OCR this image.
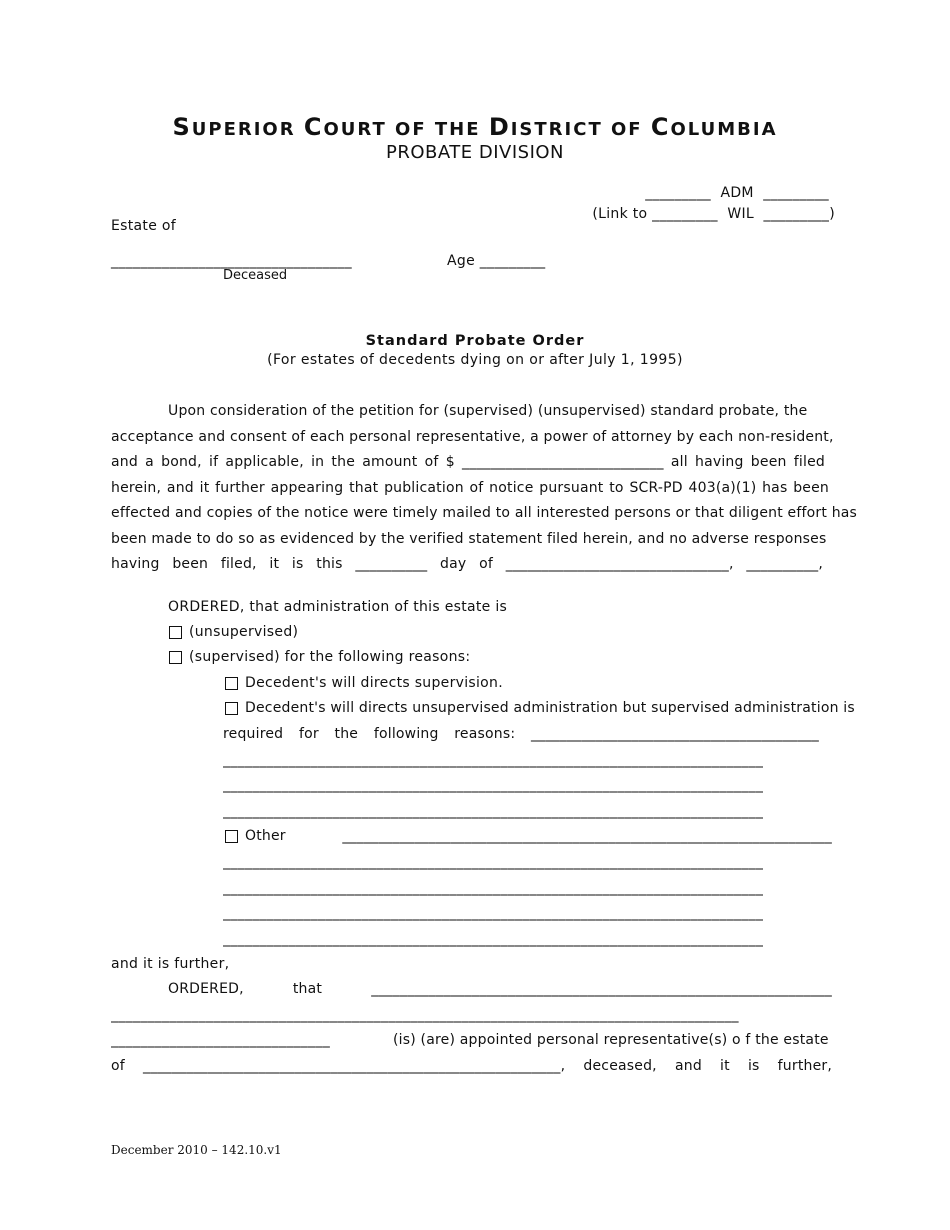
SUPERIOR COURT OF THE DISTRICT OF COLUMBIA
PROBATE DIVISION
_________  ADM  _________
(Link to _________  WIL  _________)
Estate of
_________________________________
Deceased
Age _________
Standard Probate Order
(For estates of decedents dying on or after July 1, 1995)
Upon consideration of the petition for (supervised) (unsupervised) standard probate, the
acceptance and consent of each personal representative, a power of attorney by each non-resident,
and a bond, if applicable, in the amount of $ ____________________________ all having been filed
herein, and it further appearing that publication of notice pursuant to SCR-PD 403(a)(1) has been
effected and copies of the notice were timely mailed to all interested persons or that diligent effort has
been made to do so as evidenced by the verified statement filed herein, and no adverse responses
having been filed, it is this __________ day of _______________________________, __________,
ORDERED, that administration of this estate is
(unsupervised)
(supervised) for the following reasons:
Decedent's will directs supervision.
Decedent's will directs unsupervised administration but supervised administration is
required for the following reasons: ________________________________________
__________________________________________________________________________
__________________________________________________________________________
__________________________________________________________________________
Other ____________________________________________________________________
__________________________________________________________________________
__________________________________________________________________________
__________________________________________________________________________
__________________________________________________________________________
and it is further,
ORDERED, that ________________________________________________________________
______________________________________________________________________________________
______________________________	(is) (are) appointed personal representative(s) o f the estate
of __________________________________________________________, deceased, and it is further,
December 2010 – 142.10.v1
